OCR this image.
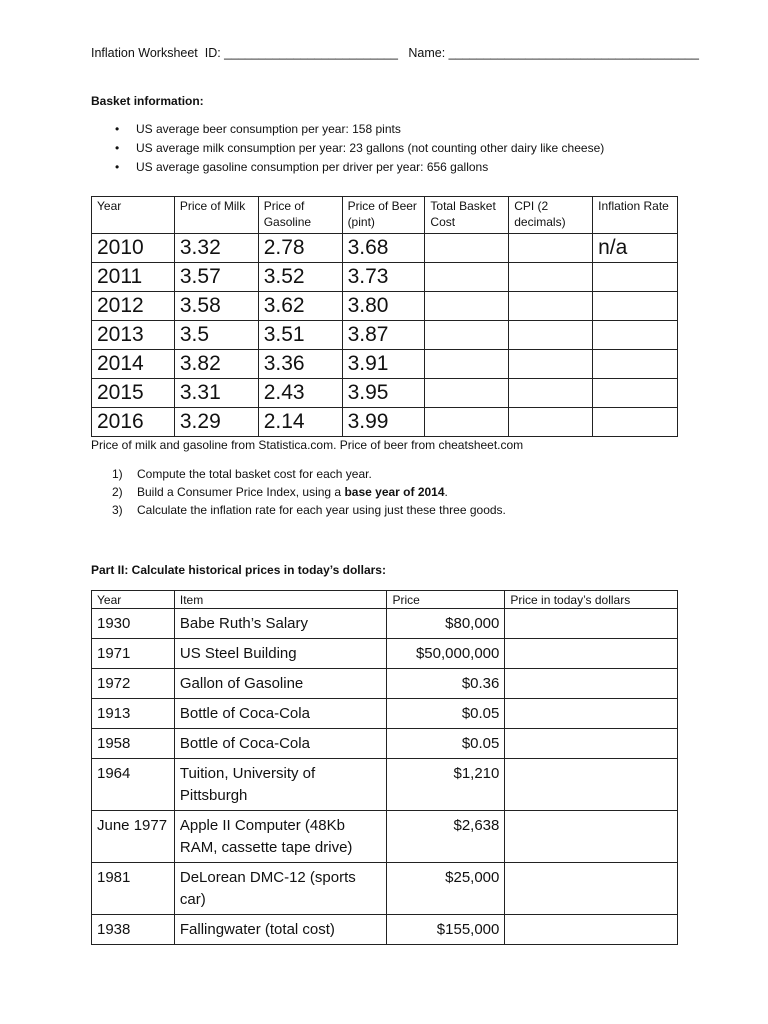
Inflation Worksheet  ID: _________________________ Name: ____________________________________
Basket information:
• US average beer consumption per year: 158 pints
• US average milk consumption per year: 23 gallons (not counting other dairy like cheese)
• US average gasoline consumption per driver per year: 656 gallons
Year	Price of Milk	Price of Gasoline	Price of Beer (pint)	Total Basket Cost	CPI (2 decimals)	Inflation Rate
2010	3.32	2.78	3.68			n/a
2011	3.57	3.52	3.73			
2012	3.58	3.62	3.80			
2013	3.5	3.51	3.87			
2014	3.82	3.36	3.91			
2015	3.31	2.43	3.95			
2016	3.29	2.14	3.99			
Price of milk and gasoline from Statistica.com. Price of beer from cheatsheet.com
1) Compute the total basket cost for each year.
2) Build a Consumer Price Index, using a base year of 2014.
3) Calculate the inflation rate for each year using just these three goods.
Part II: Calculate historical prices in today’s dollars:
Year	Item	Price	Price in today’s dollars
1930	Babe Ruth’s Salary	$80,000	
1971	US Steel Building	$50,000,000	
1972	Gallon of Gasoline	$0.36	
1913	Bottle of Coca-Cola	$0.05	
1958	Bottle of Coca-Cola	$0.05	
1964	Tuition, University of Pittsburgh	$1,210	
June 1977	Apple II Computer (48Kb RAM, cassette tape drive)	$2,638	
1981	DeLorean DMC-12 (sports car)	$25,000	
1938	Fallingwater (total cost)	$155,000	
